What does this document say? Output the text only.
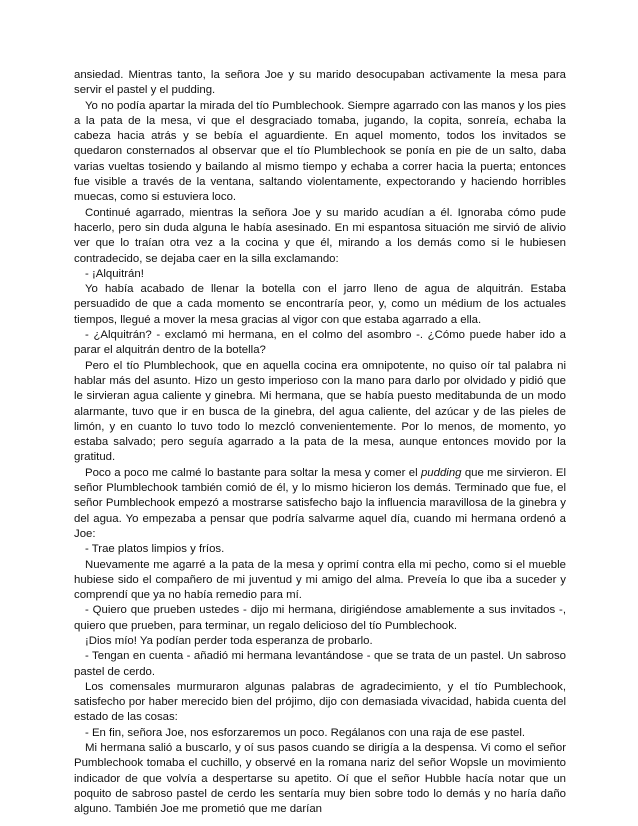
ansiedad. Mientras tanto, la señora Joe y su marido desocupaban activamente la mesa para servir el pastel y el pudding.

Yo no podía apartar la mirada del tío Pumblechook. Siempre agarrado con las manos y los pies a la pata de la mesa, vi que el desgraciado tomaba, jugando, la copita, sonreía, echaba la cabeza hacia atrás y se bebía el aguardiente. En aquel momento, todos los invitados se quedaron consternados al observar que el tío Plumblechook se ponía en pie de un salto, daba varias vueltas tosiendo y bailando al mismo tiempo y echaba a correr hacia la puerta; entonces fue visible a través de la ventana, saltando violentamente, expectorando y haciendo horribles muecas, como si estuviera loco.

Continué agarrado, mientras la señora Joe y su marido acudían a él. Ignoraba cómo pude hacerlo, pero sin duda alguna le había asesinado. En mi espantosa situación me sirvió de alivio ver que lo traían otra vez a la cocina y que él, mirando a los demás como si le hubiesen contradecido, se dejaba caer en la silla exclamando:

- ¡Alquitrán!

Yo había acabado de llenar la botella con el jarro lleno de agua de alquitrán. Estaba persuadido de que a cada momento se encontraría peor, y, como un médium de los actuales tiempos, llegué a mover la mesa gracias al vigor con que estaba agarrado a ella.

- ¿Alquitrán? - exclamó mi hermana, en el colmo del asombro -. ¿Cómo puede haber ido a parar el alquitrán dentro de la botella?

Pero el tío Plumblechook, que en aquella cocina era omnipotente, no quiso oír tal palabra ni hablar más del asunto. Hizo un gesto imperioso con la mano para darlo por olvidado y pidió que le sirvieran agua caliente y ginebra. Mi hermana, que se había puesto meditabunda de un modo alarmante, tuvo que ir en busca de la ginebra, del agua caliente, del azúcar y de las pieles de limón, y en cuanto lo tuvo todo lo mezcló convenientemente. Por lo menos, de momento, yo estaba salvado; pero seguía agarrado a la pata de la mesa, aunque entonces movido por la gratitud.

Poco a poco me calmé lo bastante para soltar la mesa y comer el pudding que me sirvieron. El señor Plumblechook también comió de él, y lo mismo hicieron los demás. Terminado que fue, el señor Pumblechook empezó a mostrarse satisfecho bajo la influencia maravillosa de la ginebra y del agua. Yo empezaba a pensar que podría salvarme aquel día, cuando mi hermana ordenó a Joe:

- Trae platos limpios y fríos.

Nuevamente me agarré a la pata de la mesa y oprimí contra ella mi pecho, como si el mueble hubiese sido el compañero de mi juventud y mi amigo del alma. Preveía lo que iba a suceder y comprendí que ya no había remedio para mí.

- Quiero que prueben ustedes - dijo mi hermana, dirigiéndose amablemente a sus invitados -, quiero que prueben, para terminar, un regalo delicioso del tío Pumblechook.

¡Dios mío! Ya podían perder toda esperanza de probarlo.

- Tengan en cuenta - añadió mi hermana levantándose - que se trata de un pastel. Un sabroso pastel de cerdo.

Los comensales murmuraron algunas palabras de agradecimiento, y el tío Pumblechook, satisfecho por haber merecido bien del prójimo, dijo con demasiada vivacidad, habida cuenta del estado de las cosas:

- En fin, señora Joe, nos esforzaremos un poco. Regálanos con una raja de ese pastel.

Mi hermana salió a buscarlo, y oí sus pasos cuando se dirigía a la despensa. Vi como el señor Pumblechook tomaba el cuchillo, y observé en la romana nariz del señor Wopsle un movimiento indicador de que volvía a despertarse su apetito. Oí que el señor Hubble hacía notar que un poquito de sabroso pastel de cerdo les sentaría muy bien sobre todo lo demás y no haría daño alguno. También Joe me prometió que me darían
